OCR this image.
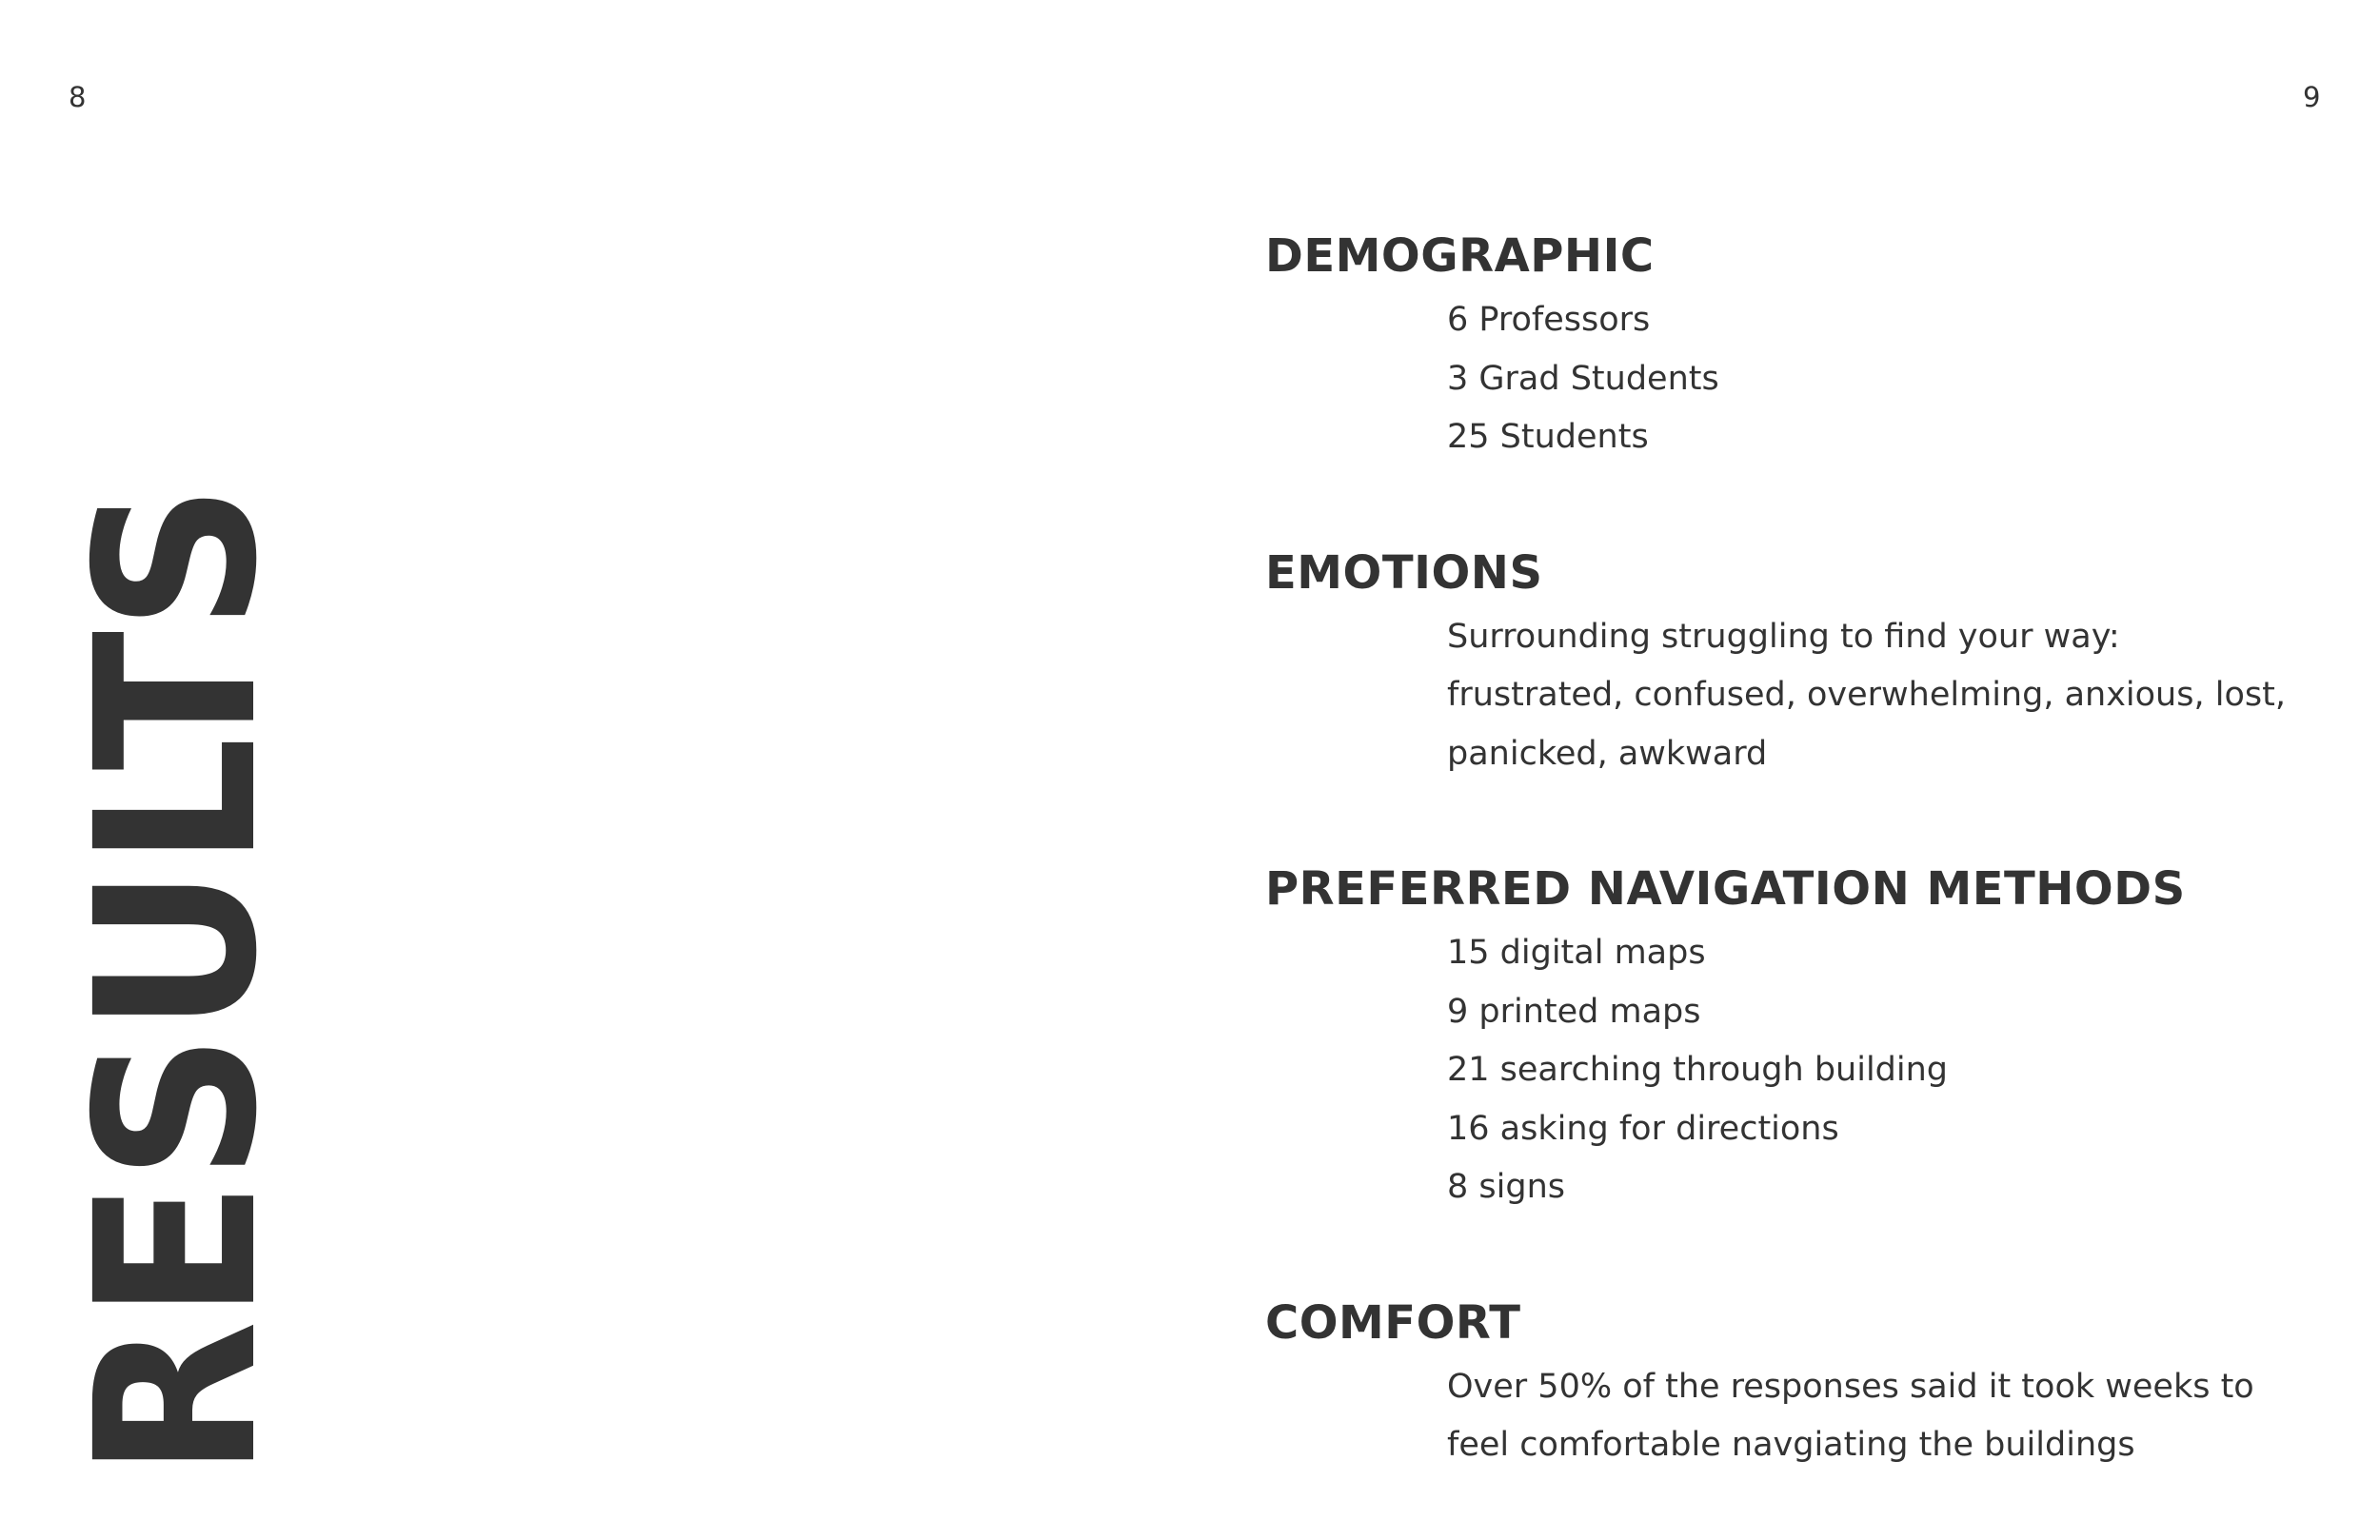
8	9
RESULTS
DEMOGRAPHIC
6 Professors
3 Grad Students
25 Students
EMOTIONS
Surrounding struggling to find your way:
frustrated, confused, overwhelming, anxious, lost,
panicked, awkward
PREFERRED NAVIGATION METHODS
15 digital maps
9 printed maps
21 searching through building
16 asking for directions
8 signs
COMFORT
Over 50% of the responses said it took weeks to
feel comfortable navgiating the buildings
